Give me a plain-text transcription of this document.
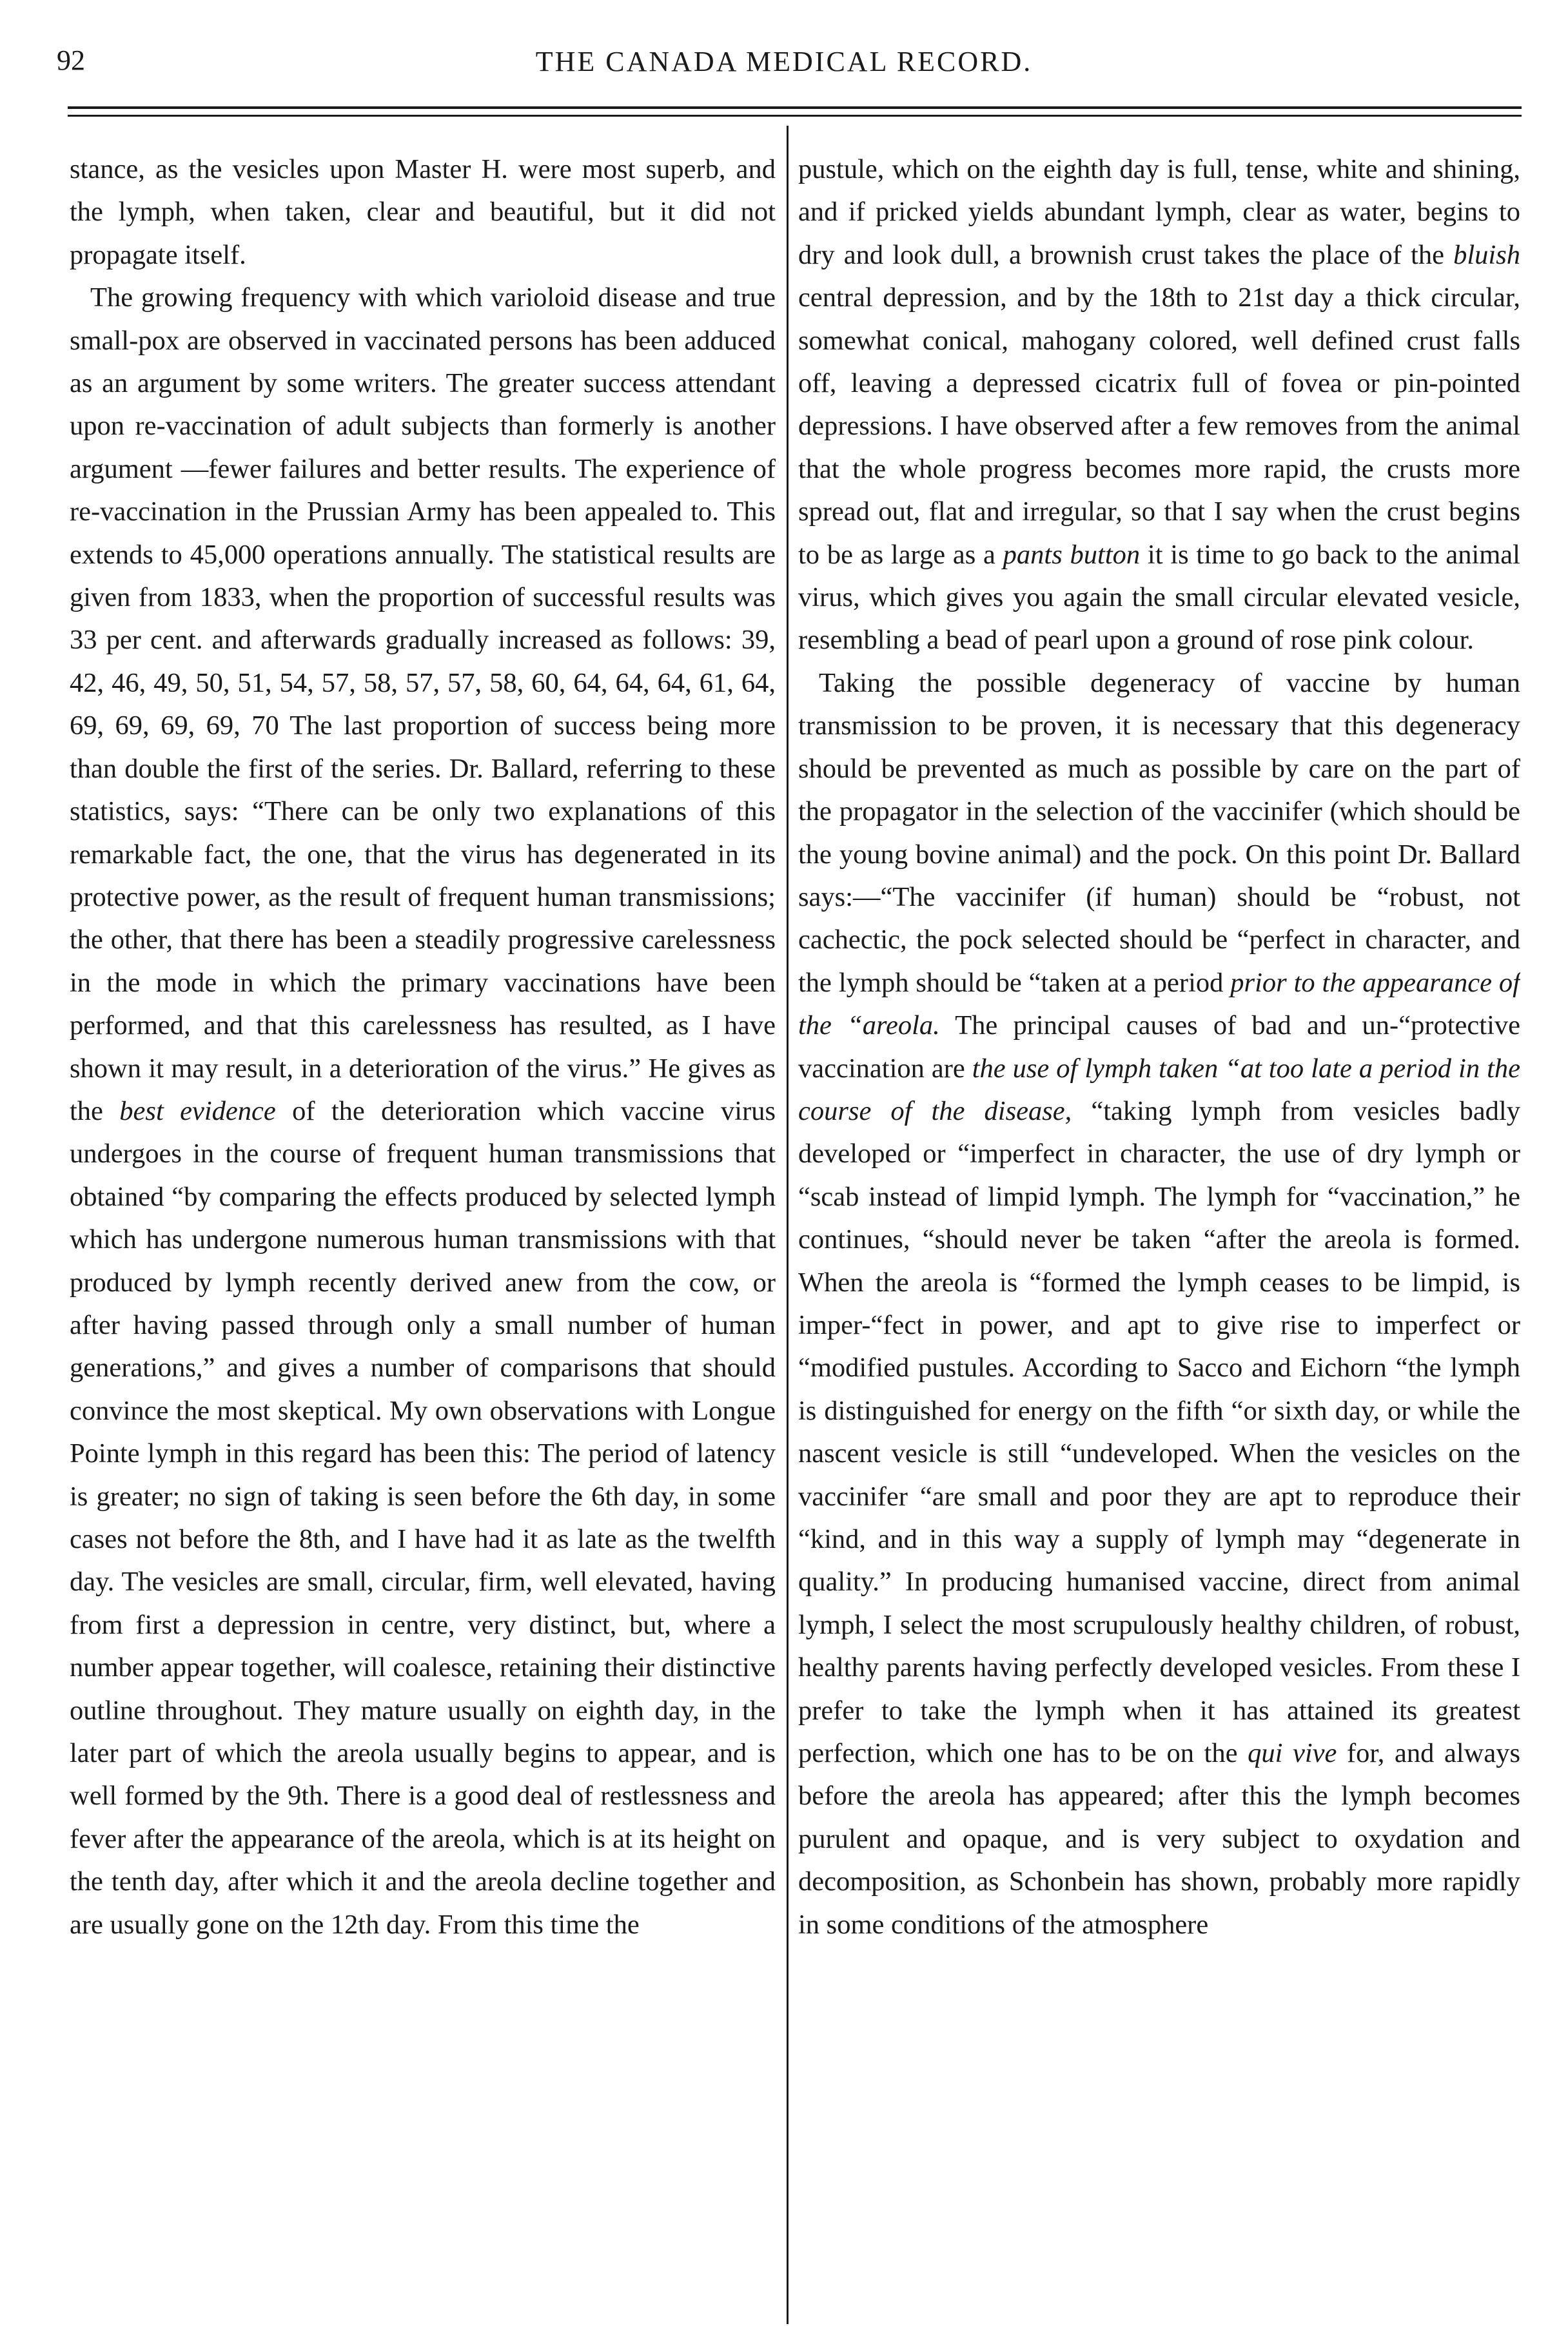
92	THE CANADA MEDICAL RECORD.

stance, as the vesicles upon Master H. were most superb, and the lymph, when taken, clear and beautiful, but it did not propagate itself.

The growing frequency with which varioloid disease and true small-pox are observed in vaccinated persons has been adduced as an argument by some writers. The greater success attendant upon re-vaccination of adult subjects than formerly is another argument —fewer failures and better results. The experience of re-vaccination in the Prussian Army has been appealed to. This extends to 45,000 operations annually. The statistical results are given from 1833, when the proportion of successful results was 33 per cent. and afterwards gradually increased as follows: 39, 42, 46, 49, 50, 51, 54, 57, 58, 57, 57, 58, 60, 64, 64, 64, 61, 64, 69, 69, 69, 69, 70 The last proportion of success being more than double the first of the series. Dr. Ballard, referring to these statistics, says: “There can be only two explanations of this remarkable fact, the one, that the virus has degenerated in its protective power, as the result of frequent human transmissions; the other, that there has been a steadily progressive carelessness in the mode in which the primary vaccinations have been performed, and that this carelessness has resulted, as I have shown it may result, in a deterioration of the virus.” He gives as the best evidence of the deterioration which vaccine virus undergoes in the course of frequent human transmissions that obtained “by comparing the effects produced by selected lymph which has undergone numerous human transmissions with that produced by lymph recently derived anew from the cow, or after having passed through only a small number of human generations,” and gives a number of comparisons that should convince the most skeptical. My own observations with Longue Pointe lymph in this regard has been this: The period of latency is greater; no sign of taking is seen before the 6th day, in some cases not before the 8th, and I have had it as late as the twelfth day. The vesicles are small, circular, firm, well elevated, having from first a depression in centre, very distinct, but, where a number appear together, will coalesce, retaining their distinctive outline throughout. They mature usually on eighth day, in the later part of which the areola usually begins to appear, and is well formed by the 9th. There is a good deal of restlessness and fever after the appearance of the areola, which is at its height on the tenth day, after which it and the areola decline together and are usually gone on the 12th day. From this time the

pustule, which on the eighth day is full, tense, white and shining, and if pricked yields abundant lymph, clear as water, begins to dry and look dull, a brownish crust takes the place of the bluish central depression, and by the 18th to 21st day a thick circular, somewhat conical, mahogany colored, well defined crust falls off, leaving a depressed cicatrix full of fovea or pin-pointed depressions. I have observed after a few removes from the animal that the whole progress becomes more rapid, the crusts more spread out, flat and irregular, so that I say when the crust begins to be as large as a pants button it is time to go back to the animal virus, which gives you again the small circular elevated vesicle, resembling a bead of pearl upon a ground of rose pink colour.

Taking the possible degeneracy of vaccine by human transmission to be proven, it is necessary that this degeneracy should be prevented as much as possible by care on the part of the propagator in the selection of the vaccinifer (which should be the young bovine animal) and the pock. On this point Dr. Ballard says:—“The vaccinifer (if human) should be “robust, not cachectic, the pock selected should be “perfect in character, and the lymph should be “taken at a period prior to the appearance of the “areola. The principal causes of bad and un-“protective vaccination are the use of lymph taken “at too late a period in the course of the disease, “taking lymph from vesicles badly developed or “imperfect in character, the use of dry lymph or “scab instead of limpid lymph. The lymph for “vaccination,” he continues, “should never be taken “after the areola is formed. When the areola is “formed the lymph ceases to be limpid, is imper-“fect in power, and apt to give rise to imperfect or “modified pustules. According to Sacco and Eichorn “the lymph is distinguished for energy on the fifth “or sixth day, or while the nascent vesicle is still “undeveloped. When the vesicles on the vaccinifer “are small and poor they are apt to reproduce their “kind, and in this way a supply of lymph may “degenerate in quality.” In producing humanised vaccine, direct from animal lymph, I select the most scrupulously healthy children, of robust, healthy parents having perfectly developed vesicles. From these I prefer to take the lymph when it has attained its greatest perfection, which one has to be on the qui vive for, and always before the areola has appeared; after this the lymph becomes purulent and opaque, and is very subject to oxydation and decomposition, as Schonbein has shown, probably more rapidly in some conditions of the atmosphere
